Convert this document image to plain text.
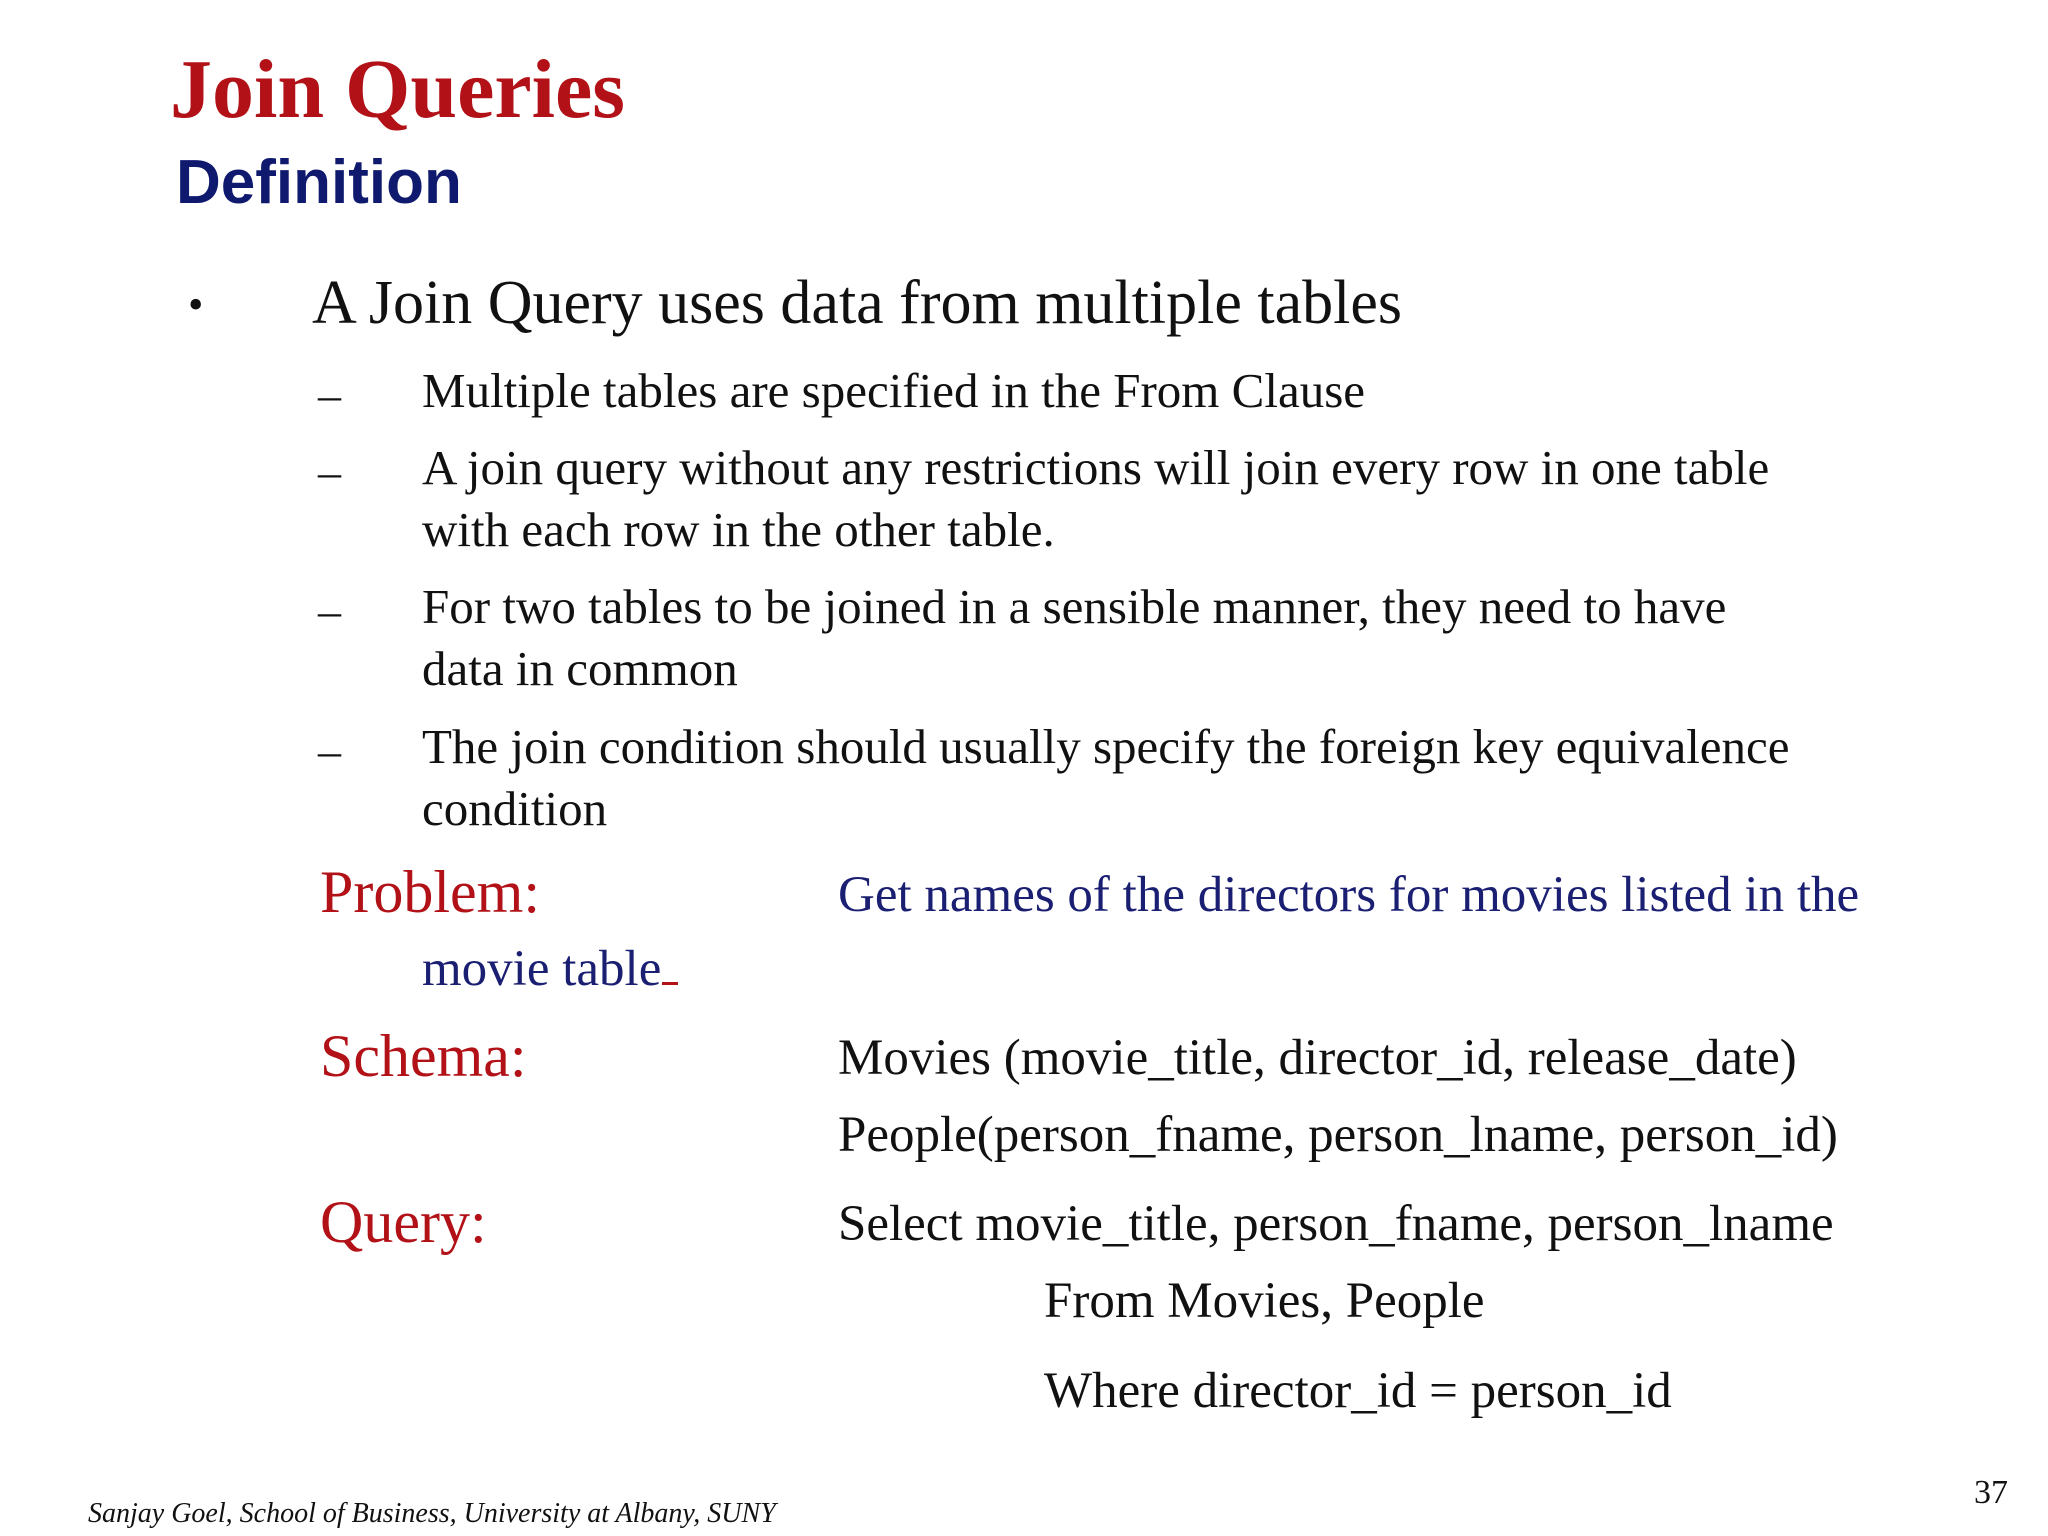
Join Queries
Definition
• A Join Query uses data from multiple tables
– Multiple tables are specified in the From Clause
– A join query without any restrictions will join every row in one table
with each row in the other table.
– For two tables to be joined in a sensible manner, they need to have
data in common
– The join condition should usually specify the foreign key equivalence
condition
Problem:	Get names of the directors for movies listed in the
movie table
Schema:	Movies (movie_title, director_id, release_date)
People(person_fname, person_lname, person_id)
Query:	Select movie_title, person_fname, person_lname
From Movies, People
Where director_id = person_id
Sanjay Goel, School of Business, University at Albany, SUNY
37
